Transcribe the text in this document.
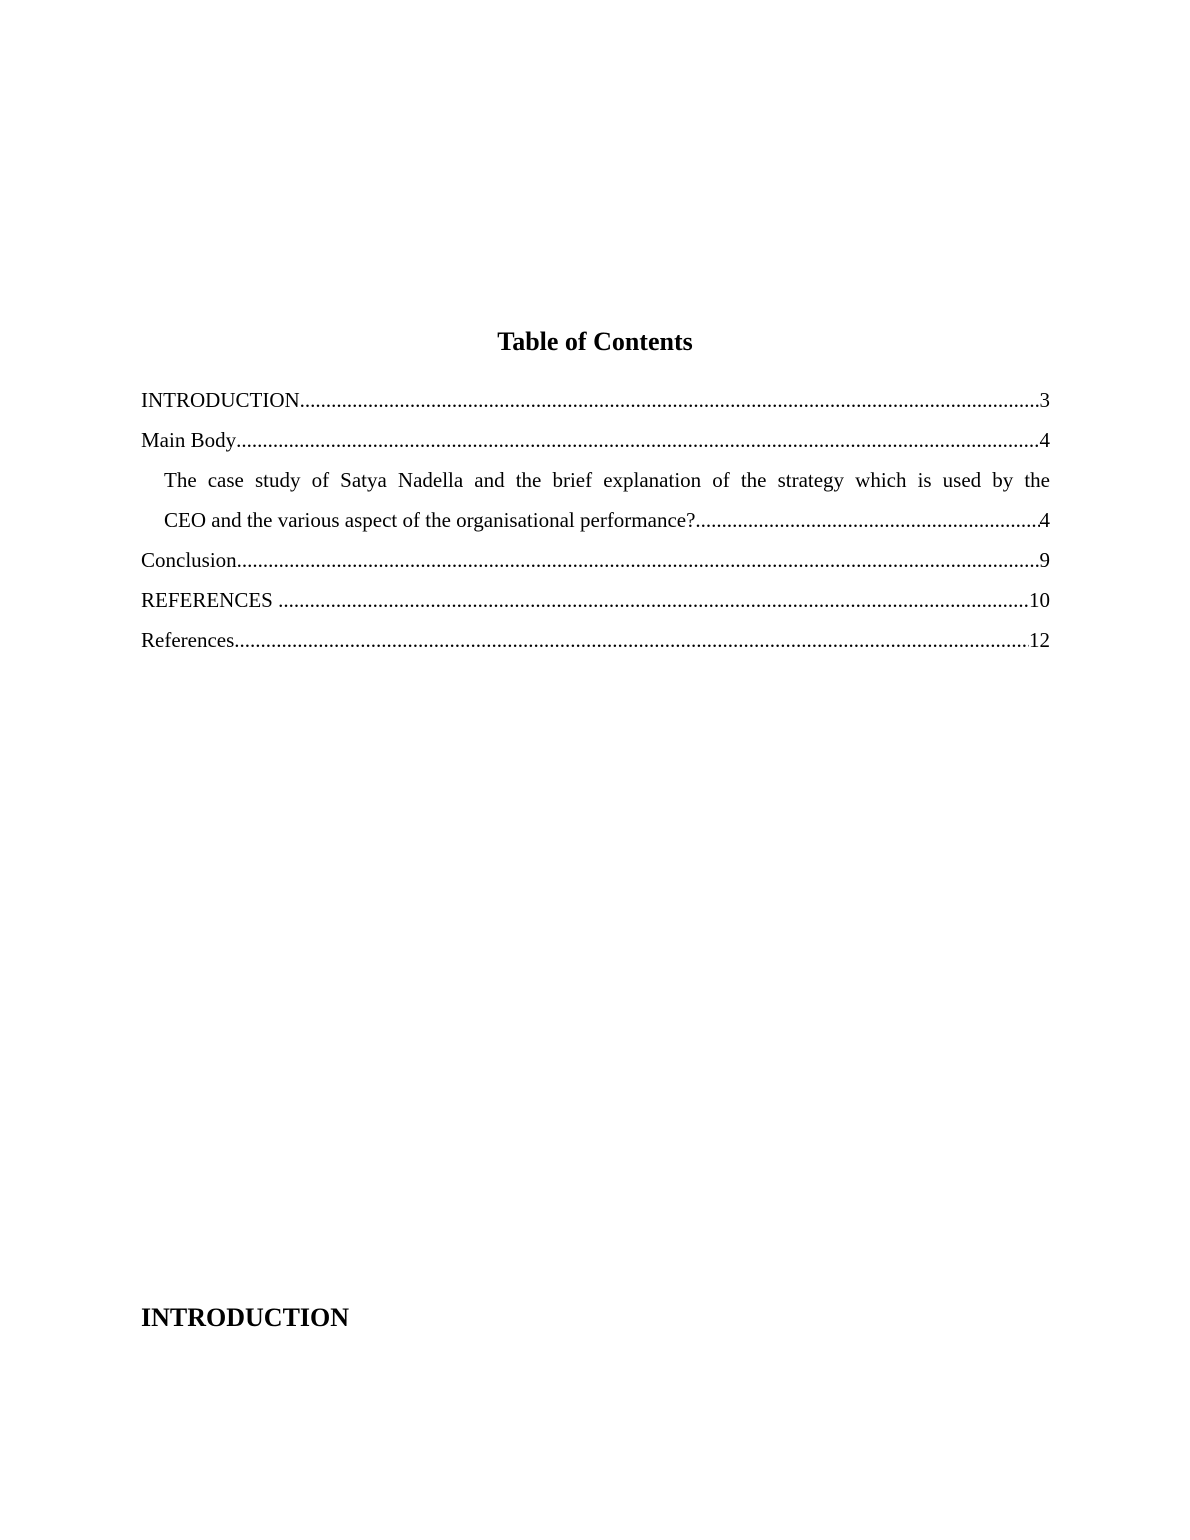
Table of Contents
INTRODUCTION .....	3
Main Body .....	4
The case study of Satya Nadella and the brief explanation of the strategy which is used by the
CEO and the various aspect of the organisational performance? .....	4
Conclusion .....	9
REFERENCES .....	10
References .....	12
INTRODUCTION
